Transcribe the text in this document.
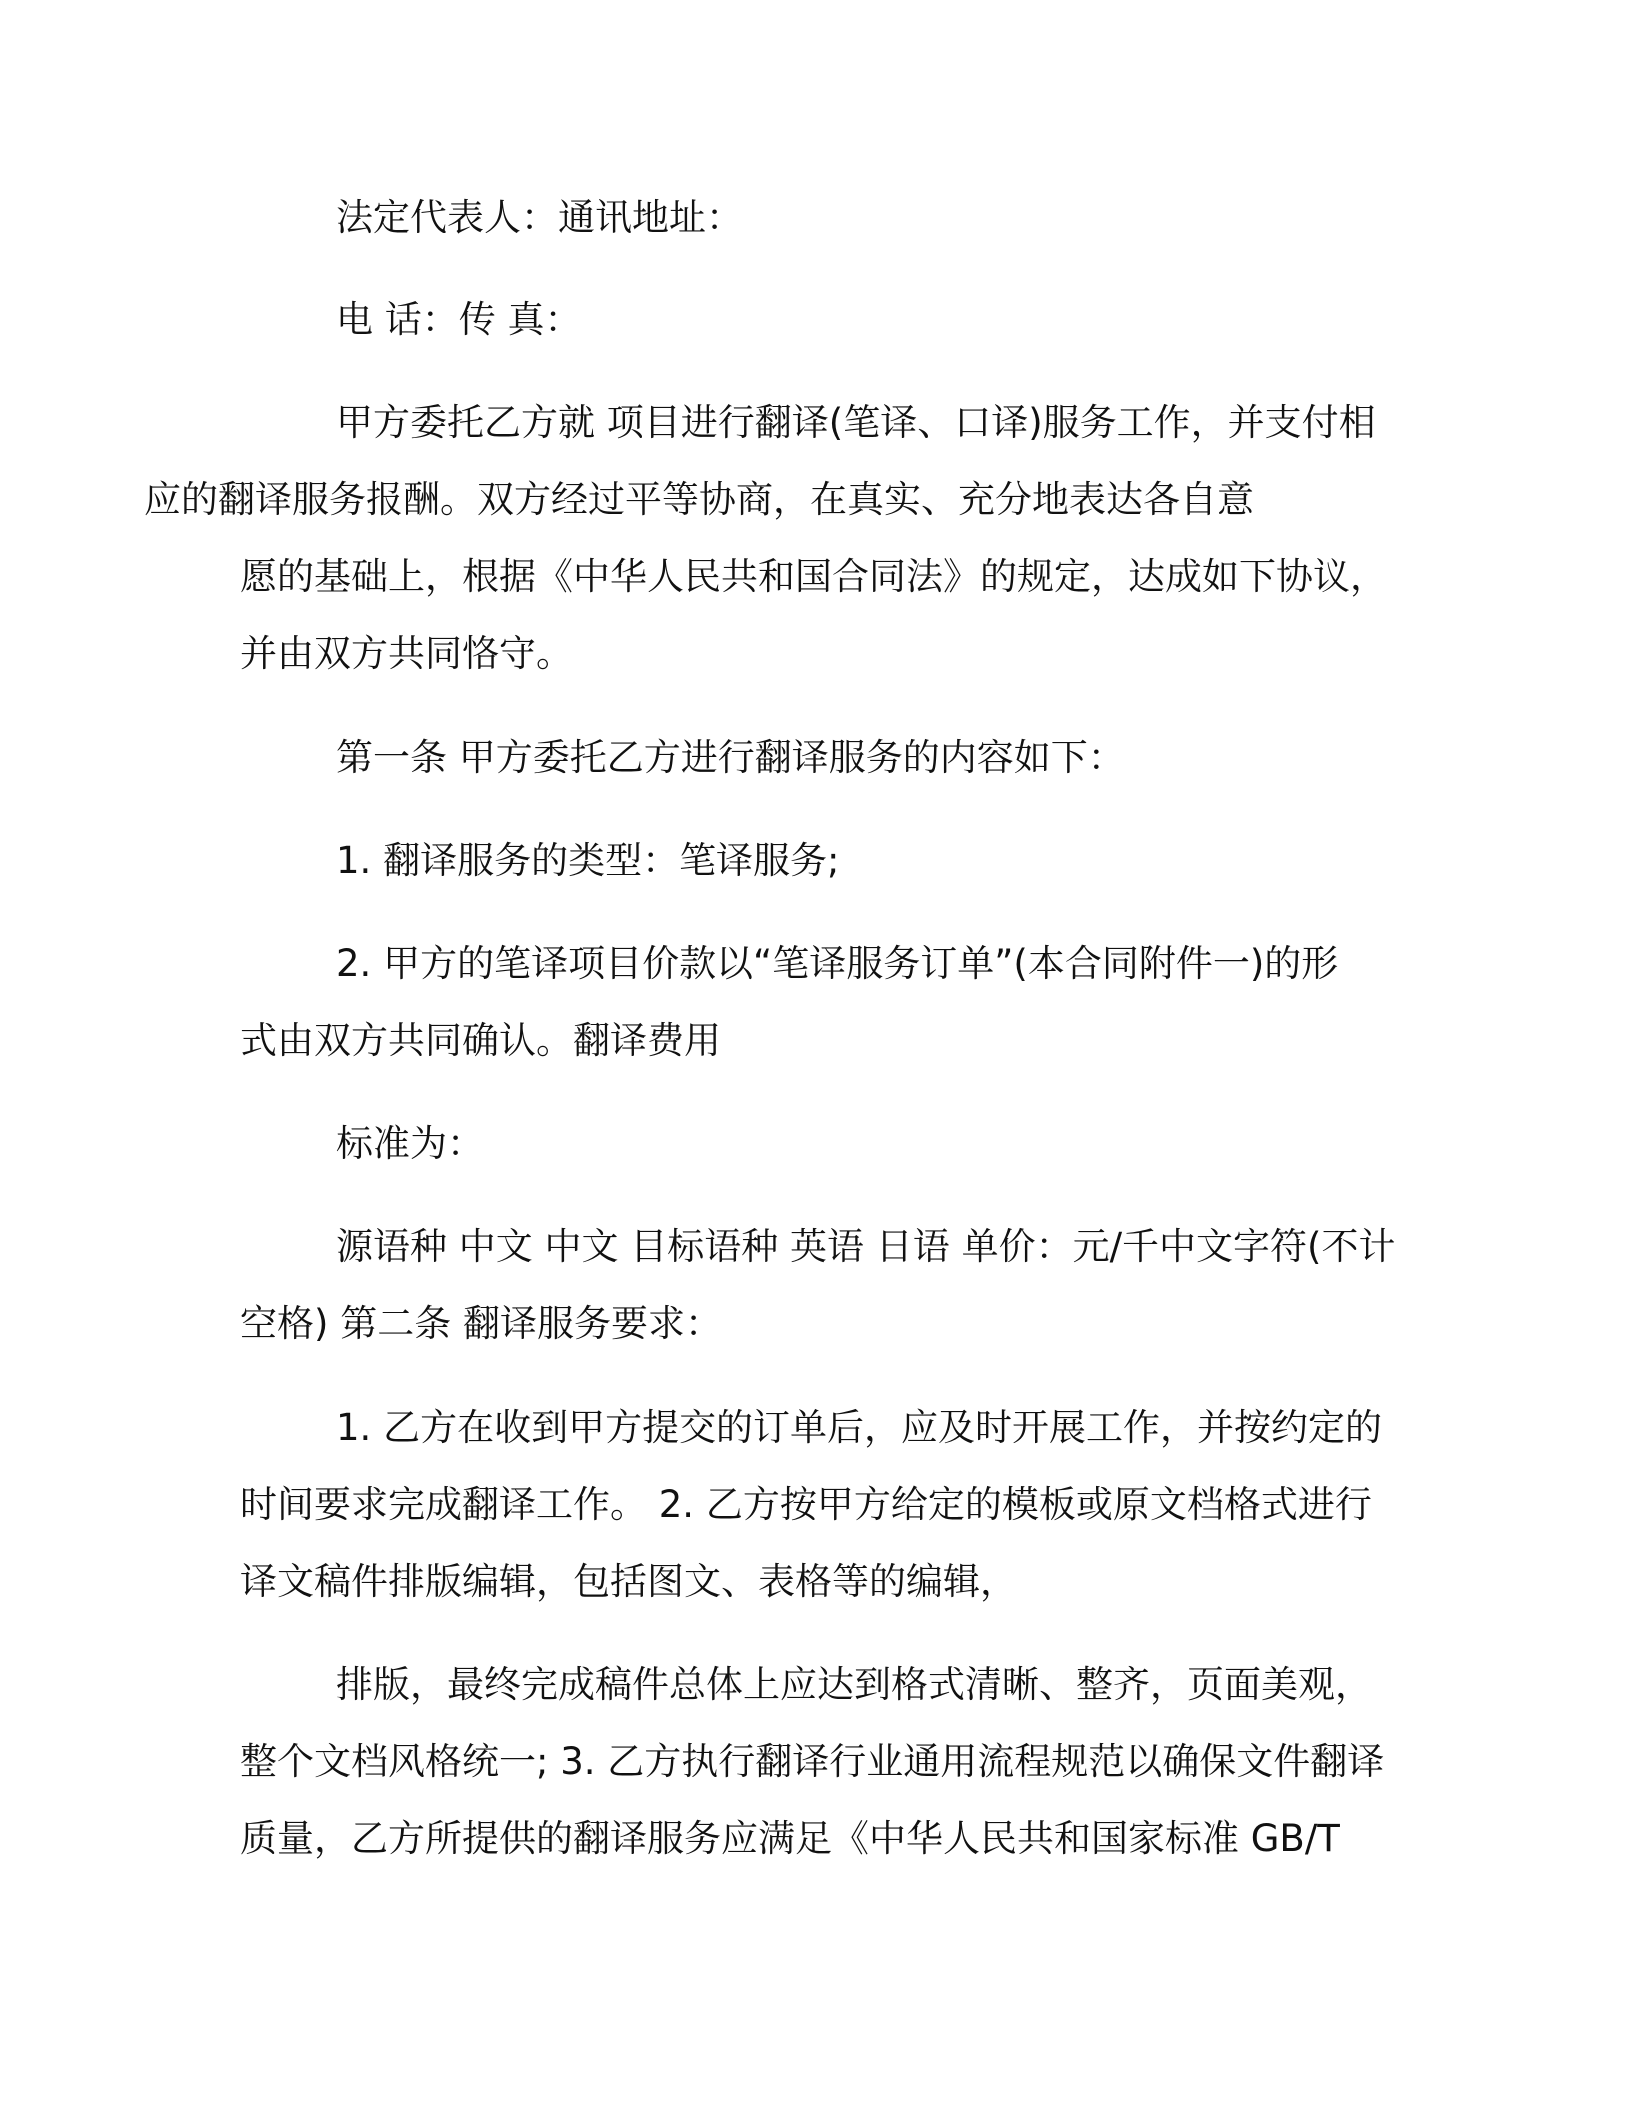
法定代表人：通讯地址：

电 话：传 真：

甲方委托乙方就 项目进行翻译(笔译、口译)服务工作，并支付相
应的翻译服务报酬。双方经过平等协商，在真实、充分地表达各自意
愿的基础上，根据《中华人民共和国合同法》的规定，达成如下协议，
并由双方共同恪守。

第一条 甲方委托乙方进行翻译服务的内容如下：

1. 翻译服务的类型：笔译服务;

2. 甲方的笔译项目价款以“笔译服务订单”(本合同附件一)的形
式由双方共同确认。翻译费用

标准为：

源语种 中文 中文 目标语种 英语 日语 单价：元/千中文字符(不计
空格) 第二条 翻译服务要求：

1. 乙方在收到甲方提交的订单后，应及时开展工作，并按约定的
时间要求完成翻译工作。 2. 乙方按甲方给定的模板或原文档格式进行
译文稿件排版编辑，包括图文、表格等的编辑，

排版，最终完成稿件总体上应达到格式清晰、整齐，页面美观，
整个文档风格统一; 3. 乙方执行翻译行业通用流程规范以确保文件翻译
质量，乙方所提供的翻译服务应满足《中华人民共和国家标准 GB/T
